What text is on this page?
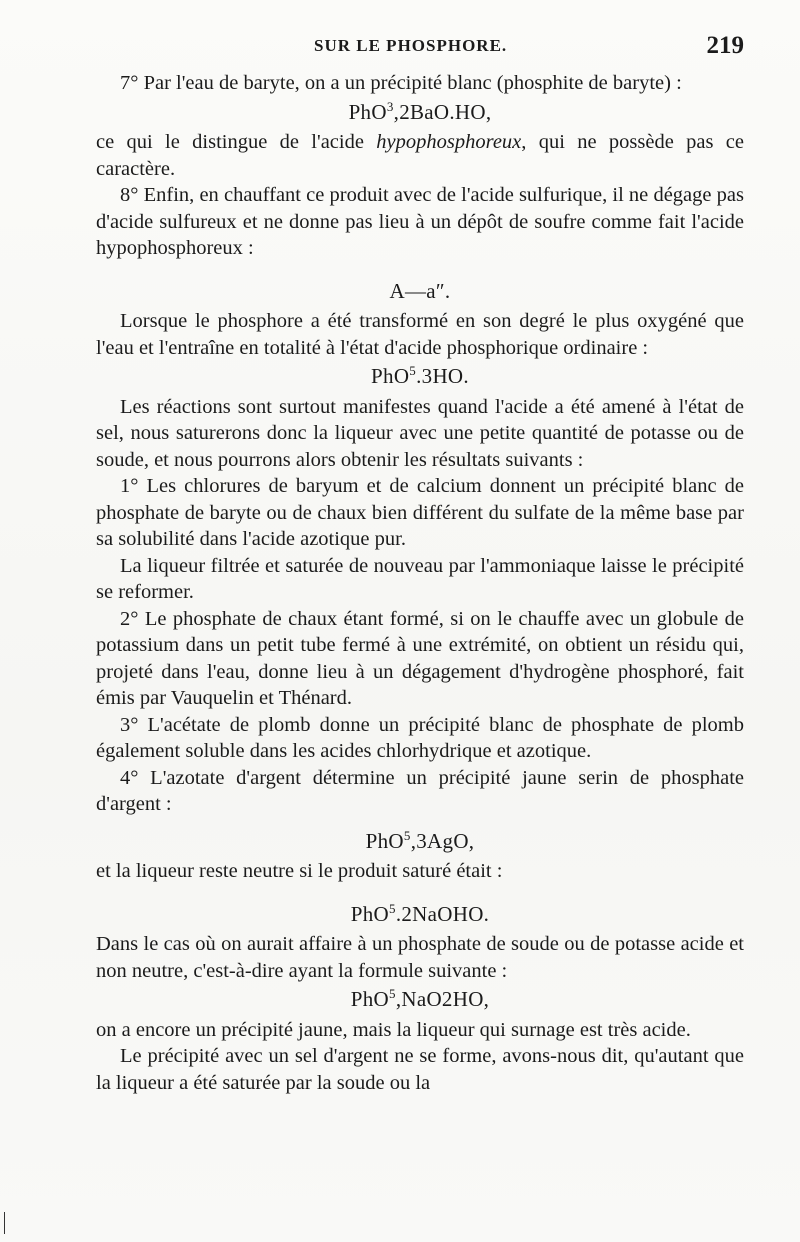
SUR LE PHOSPHORE.	219

7° Par l'eau de baryte, on a un précipité blanc (phosphite de baryte) :

PhO$^3$,2BaO.HO,

ce qui le distingue de l'acide hypophosphoreux, qui ne possède pas ce caractère.

8° Enfin, en chauffant ce produit avec de l'acide sulfurique, il ne dégage pas d'acide sulfureux et ne donne pas lieu à un dépôt de soufre comme fait l'acide hypophosphoreux :

A—a″.

Lorsque le phosphore a été transformé en son degré le plus oxygéné que l'eau et l'entraîne en totalité à l'état d'acide phosphorique ordinaire :

PhO$^5$.3HO.

Les réactions sont surtout manifestes quand l'acide a été amené à l'état de sel, nous saturerons donc la liqueur avec une petite quantité de potasse ou de soude, et nous pourrons alors obtenir les résultats suivants :

1° Les chlorures de baryum et de calcium donnent un précipité blanc de phosphate de baryte ou de chaux bien différent du sulfate de la même base par sa solubilité dans l'acide azotique pur.

La liqueur filtrée et saturée de nouveau par l'ammoniaque laisse le précipité se reformer.

2° Le phosphate de chaux étant formé, si on le chauffe avec un globule de potassium dans un petit tube fermé à une extrémité, on obtient un résidu qui, projeté dans l'eau, donne lieu à un dégagement d'hydrogène phosphoré, fait émis par Vauquelin et Thénard.

3° L'acétate de plomb donne un précipité blanc de phosphate de plomb également soluble dans les acides chlorhydrique et azotique.

4° L'azotate d'argent détermine un précipité jaune serin de phosphate d'argent :

PhO$^5$,3AgO,

et la liqueur reste neutre si le produit saturé était :

PhO$^5$.2NaOHO.

Dans le cas où on aurait affaire à un phosphate de soude ou de potasse acide et non neutre, c'est-à-dire ayant la formule suivante :

PhO$^5$,NaO2HO,

on a encore un précipité jaune, mais la liqueur qui surnage est très acide.

Le précipité avec un sel d'argent ne se forme, avons-nous dit, qu'autant que la liqueur a été saturée par la soude ou la
